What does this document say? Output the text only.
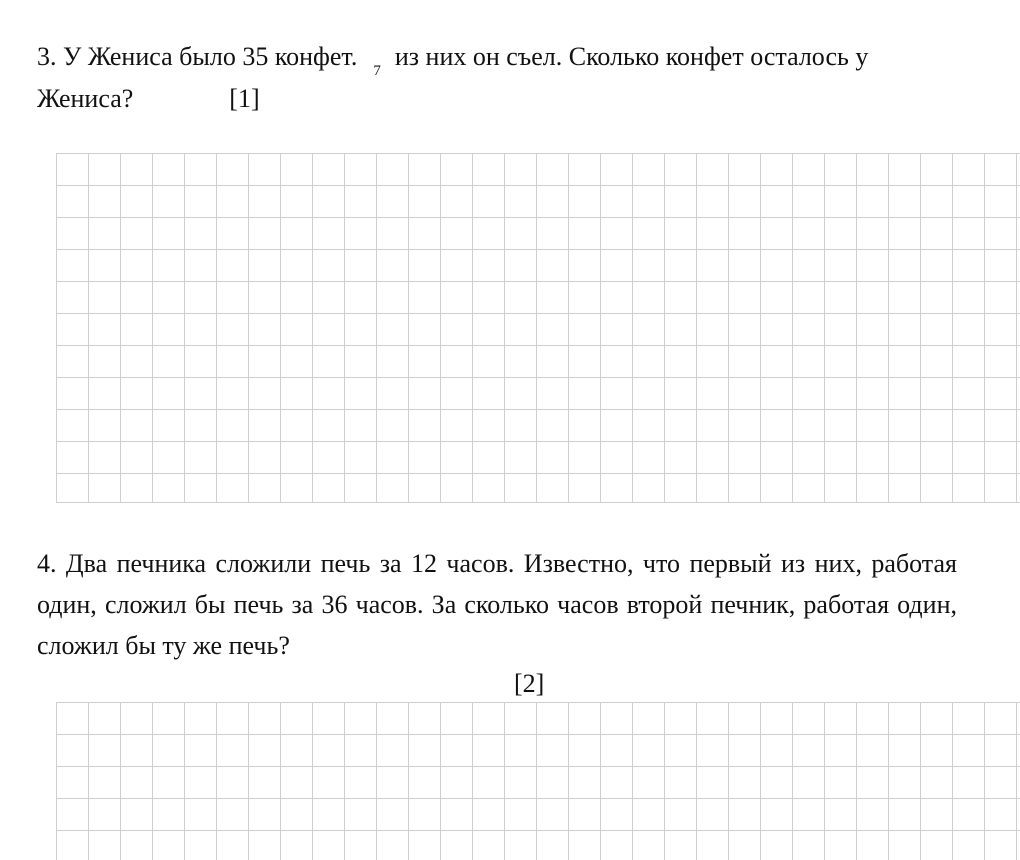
3. У Жениса было 35 конфет. 7 из них он съел. Сколько конфет осталось у
Жениса?	[1]

4. Два печника сложили печь за 12 часов. Известно, что первый из них, работая один, сложил бы печь за 36 часов. За сколько часов второй печник, работая один, сложил бы ту же печь?

[2]
